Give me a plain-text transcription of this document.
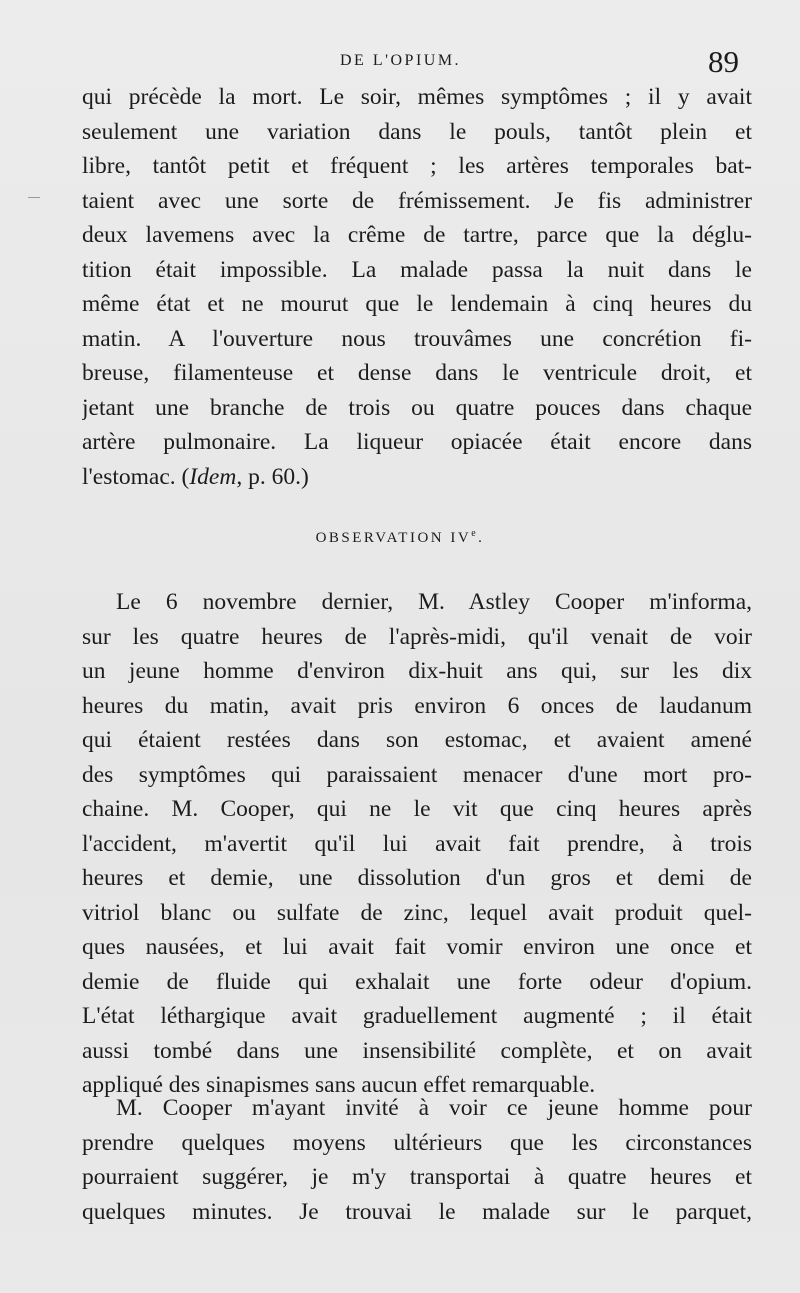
DE L'OPIUM.	89
qui précède la mort. Le soir, mêmes symptômes ; il y avait
seulement une variation dans le pouls, tantôt plein et
libre, tantôt petit et fréquent ; les artères temporales bat-
taient avec une sorte de frémissement. Je fis administrer
deux lavemens avec la crême de tartre, parce que la déglu-
tition était impossible. La malade passa la nuit dans le
même état et ne mourut que le lendemain à cinq heures du
matin. A l'ouverture nous trouvâmes une concrétion fi-
breuse, filamenteuse et dense dans le ventricule droit, et
jetant une branche de trois ou quatre pouces dans chaque
artère pulmonaire. La liqueur opiacée était encore dans
l'estomac. (Idem, p. 60.)
OBSERVATION IVe.
Le 6 novembre dernier, M. Astley Cooper m'informa,
sur les quatre heures de l'après-midi, qu'il venait de voir
un jeune homme d'environ dix-huit ans qui, sur les dix
heures du matin, avait pris environ 6 onces de laudanum
qui étaient restées dans son estomac, et avaient amené
des symptômes qui paraissaient menacer d'une mort pro-
chaine. M. Cooper, qui ne le vit que cinq heures après
l'accident, m'avertit qu'il lui avait fait prendre, à trois
heures et demie, une dissolution d'un gros et demi de
vitriol blanc ou sulfate de zinc, lequel avait produit quel-
ques nausées, et lui avait fait vomir environ une once et
demie de fluide qui exhalait une forte odeur d'opium.
L'état léthargique avait graduellement augmenté ; il était
aussi tombé dans une insensibilité complète, et on avait
appliqué des sinapismes sans aucun effet remarquable.
M. Cooper m'ayant invité à voir ce jeune homme pour
prendre quelques moyens ultérieurs que les circonstances
pourraient suggérer, je m'y transportai à quatre heures et
quelques minutes. Je trouvai le malade sur le parquet,
